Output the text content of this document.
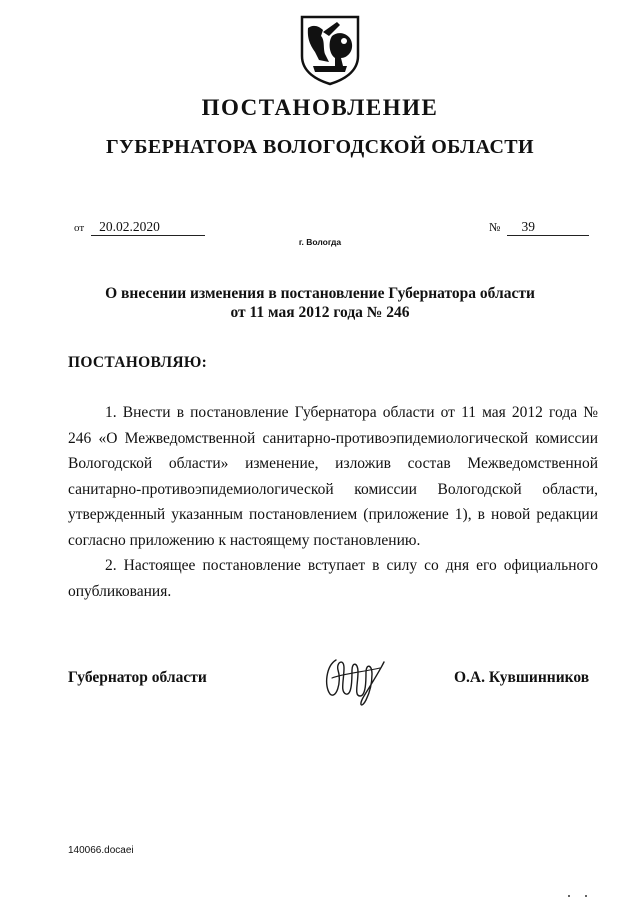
ПОСТАНОВЛЕНИЕ
ГУБЕРНАТОРА ВОЛОГОДСКОЙ ОБЛАСТИ
от 20.02.2020	№ 39
г. Вологда
О внесении изменения в постановление Губернатора области
от 11 мая 2012 года № 246
ПОСТАНОВЛЯЮ:

1. Внести в постановление Губернатора области от 11 мая 2012 года № 246 «О Межведомственной санитарно-противоэпидемиологической комиссии Вологодской области» изменение, изложив состав Межведомственной санитарно-противоэпидемиологической комиссии Вологодской области, утвержденный указанным постановлением (приложение 1), в новой редакции согласно приложению к настоящему постановлению.

2. Настоящее постановление вступает в силу со дня его официального опубликования.

Губернатор области	О.А. Кувшинников
140066.docaei
